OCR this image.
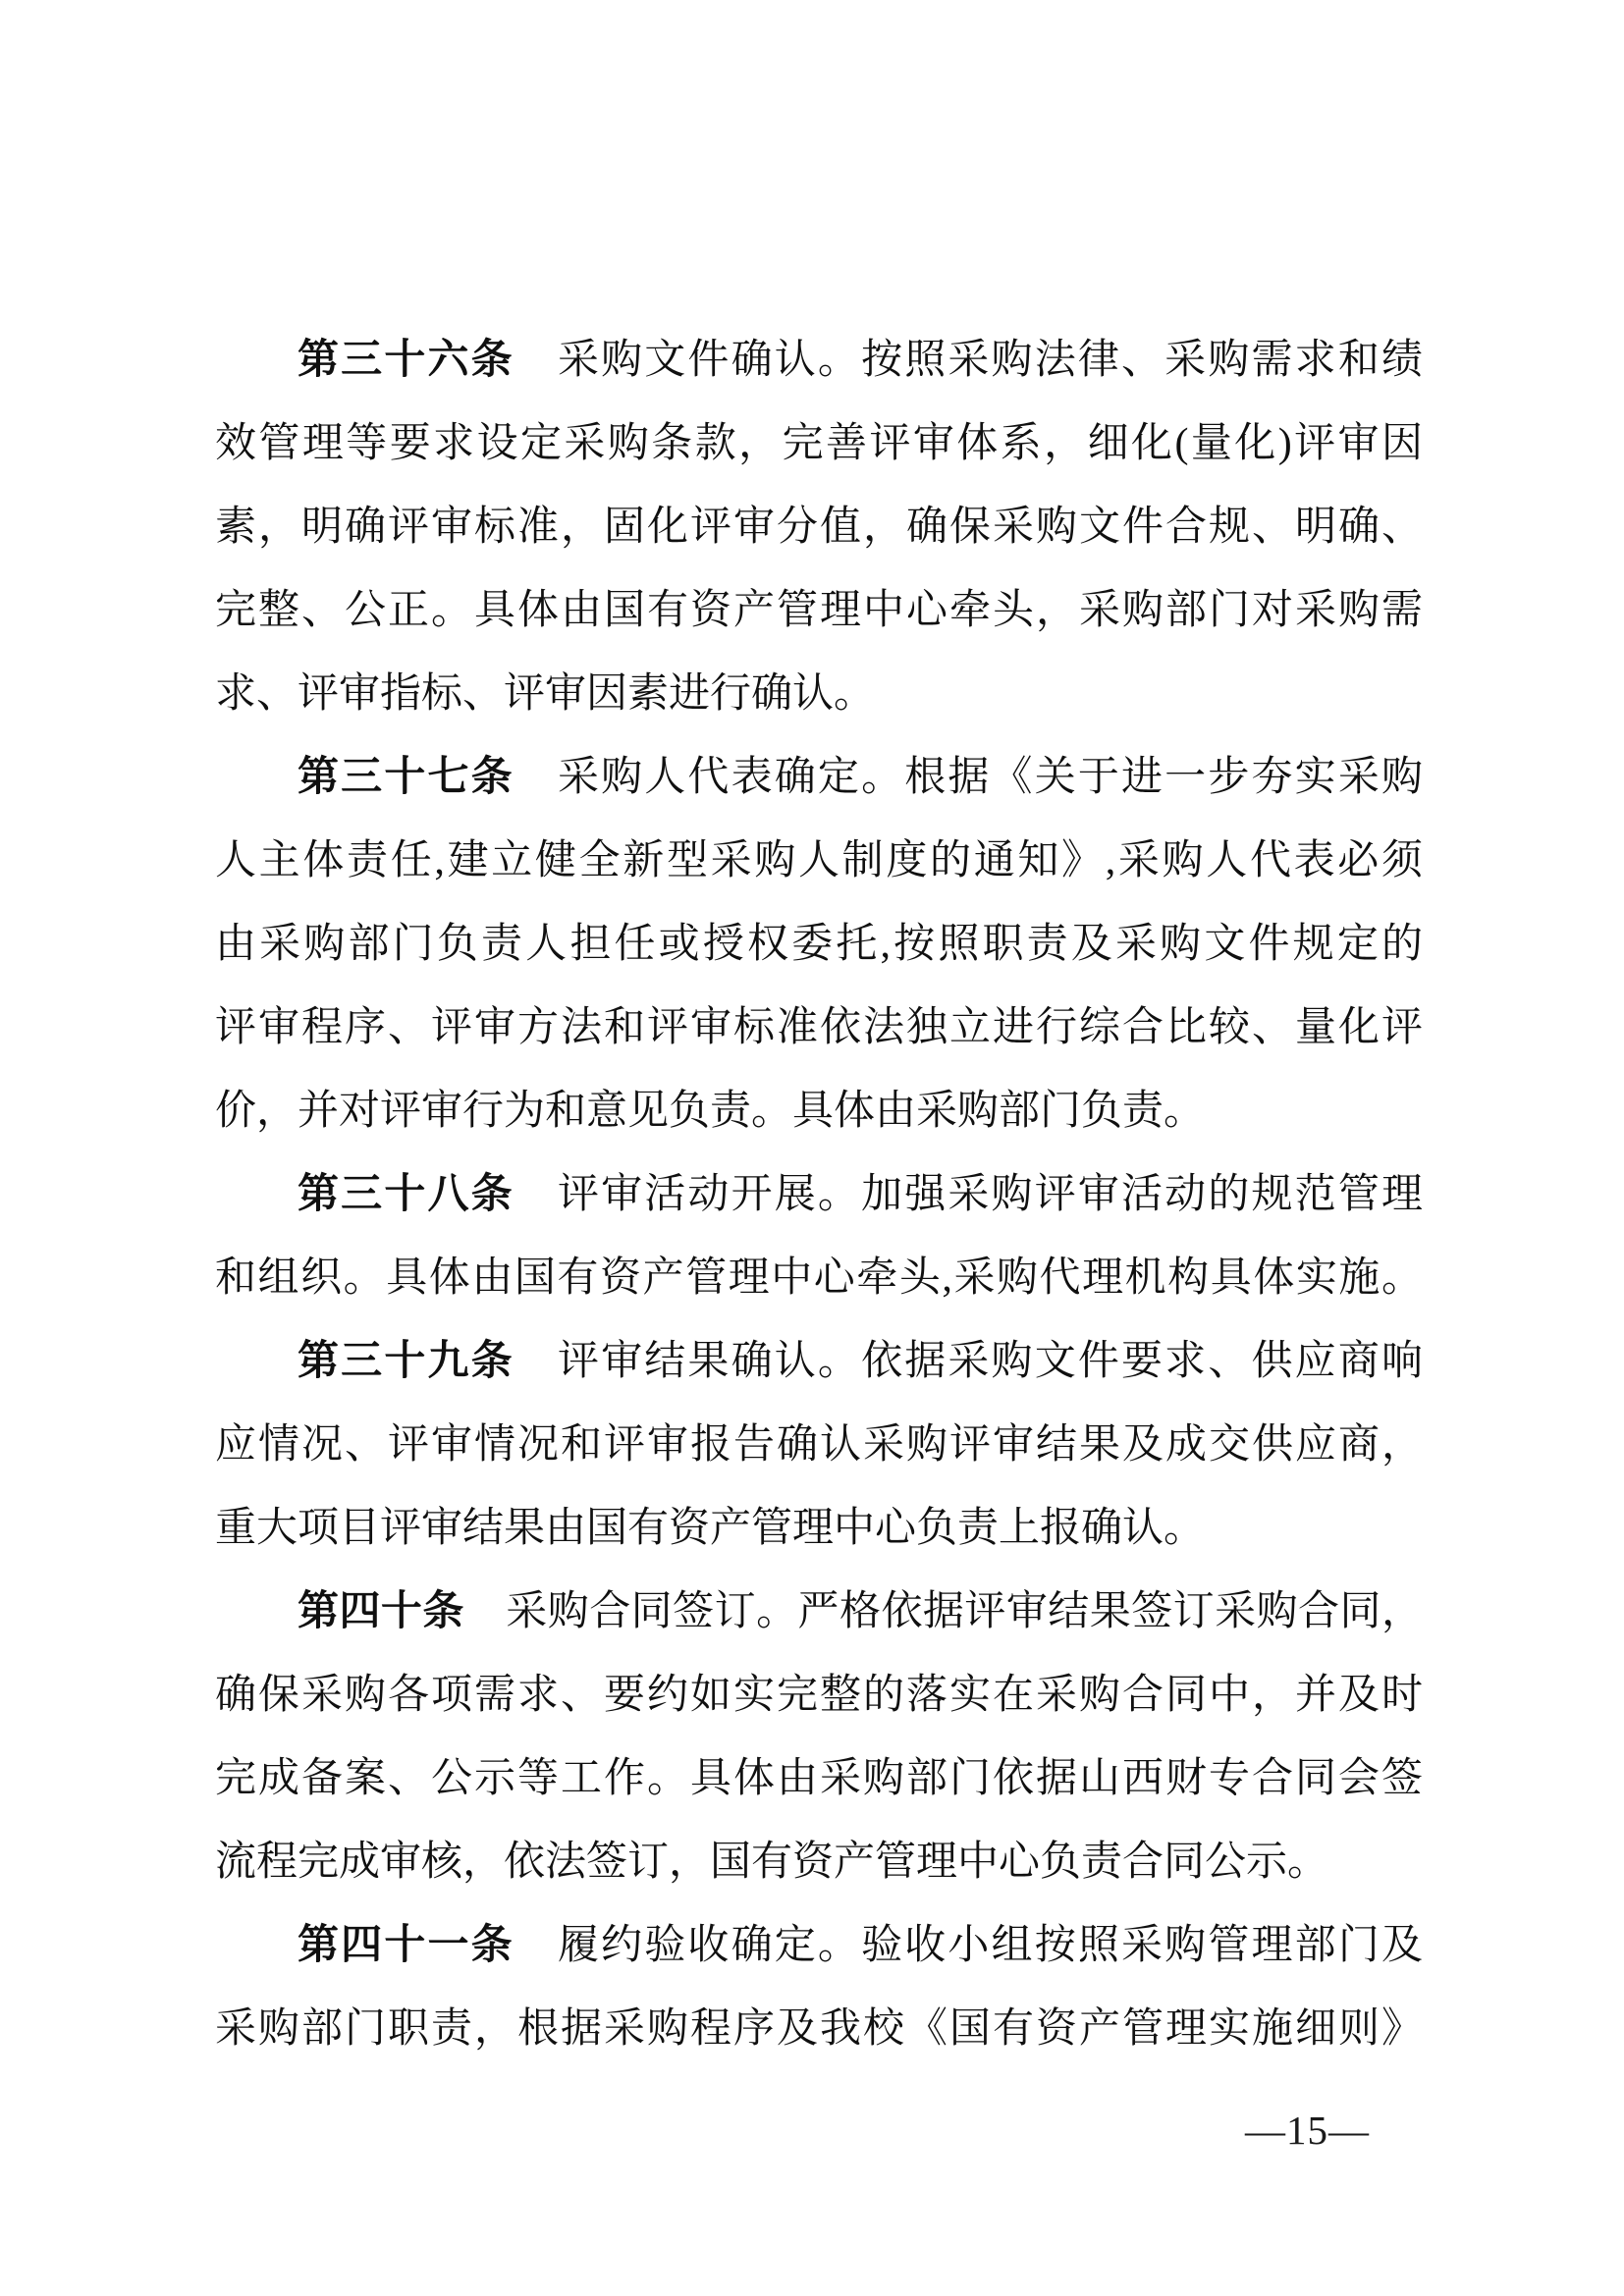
第三十六条　采购文件确认。按照采购法律、采购需求和绩
效管理等要求设定采购条款，完善评审体系，细化(量化)评审因
素，明确评审标准，固化评审分值，确保采购文件合规、明确、
完整、公正。具体由国有资产管理中心牵头，采购部门对采购需
求、评审指标、评审因素进行确认。
第三十七条　采购人代表确定。根据《关于进一步夯实采购
人主体责任,建立健全新型采购人制度的通知》,采购人代表必须
由采购部门负责人担任或授权委托,按照职责及采购文件规定的
评审程序、评审方法和评审标准依法独立进行综合比较、量化评
价，并对评审行为和意见负责。具体由采购部门负责。
第三十八条　评审活动开展。加强采购评审活动的规范管理
和组织。具体由国有资产管理中心牵头,采购代理机构具体实施。
第三十九条　评审结果确认。依据采购文件要求、供应商响
应情况、评审情况和评审报告确认采购评审结果及成交供应商，
重大项目评审结果由国有资产管理中心负责上报确认。
第四十条　采购合同签订。严格依据评审结果签订采购合同，
确保采购各项需求、要约如实完整的落实在采购合同中，并及时
完成备案、公示等工作。具体由采购部门依据山西财专合同会签
流程完成审核，依法签订，国有资产管理中心负责合同公示。
第四十一条　履约验收确定。验收小组按照采购管理部门及
采购部门职责，根据采购程序及我校《国有资产管理实施细则》
—15—
